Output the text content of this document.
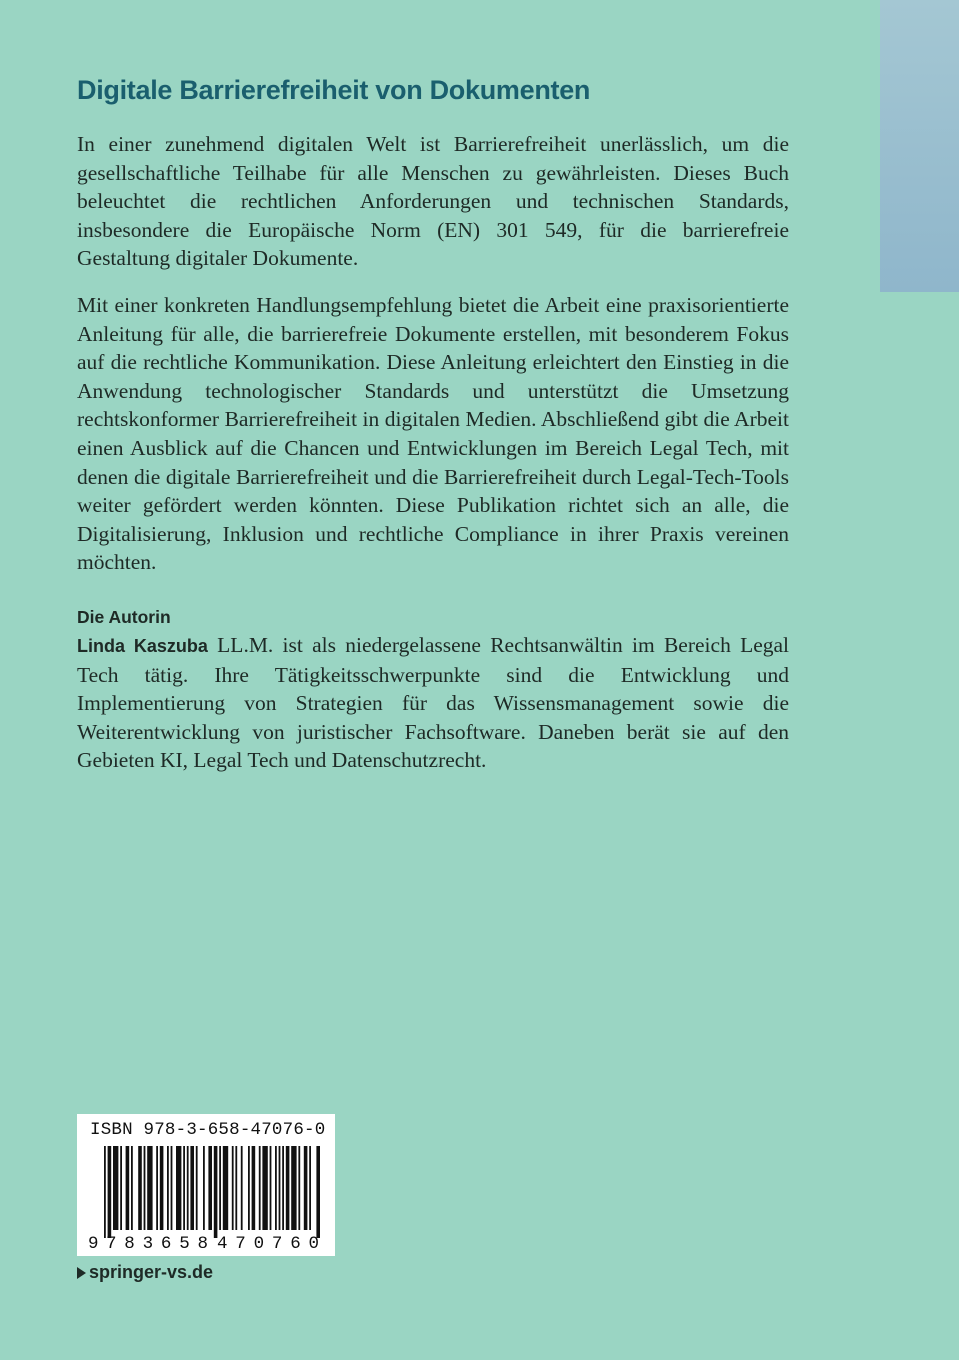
Digitale Barrierefreiheit von Dokumenten

In einer zunehmend digitalen Welt ist Barrierefreiheit unerlässlich, um die gesellschaftliche Teilhabe für alle Menschen zu gewährleisten. Dieses Buch beleuchtet die rechtlichen Anforderungen und technischen Standards, insbesondere die Europäische Norm (EN) 301 549, für die barrierefreie Gestaltung digitaler Dokumente.

Mit einer konkreten Handlungsempfehlung bietet die Arbeit eine praxisorientierte Anleitung für alle, die barrierefreie Dokumente erstellen, mit besonderem Fokus auf die rechtliche Kommunikation. Diese Anleitung erleichtert den Einstieg in die Anwendung technologischer Standards und unterstützt die Umsetzung rechtskonformer Barrierefreiheit in digitalen Medien. Abschließend gibt die Arbeit einen Ausblick auf die Chancen und Entwicklungen im Bereich Legal Tech, mit denen die digitale Barrierefreiheit und die Barrierefreiheit durch Legal-Tech-Tools weiter gefördert werden könnten. Diese Publikation richtet sich an alle, die Digitalisierung, Inklusion und rechtliche Compliance in ihrer Praxis vereinen möchten.

Die Autorin

Linda Kaszuba LL.M. ist als niedergelassene Rechtsanwältin im Bereich Legal Tech tätig. Ihre Tätigkeitsschwerpunkte sind die Entwicklung und Implementierung von Strategien für das Wissensmanagement sowie die Weiterentwicklung von juristischer Fachsoftware. Daneben berät sie auf den Gebieten KI, Legal Tech und Datenschutzrecht.

ISBN 978-3-658-47076-0
9 783658 470760
springer-vs.de
